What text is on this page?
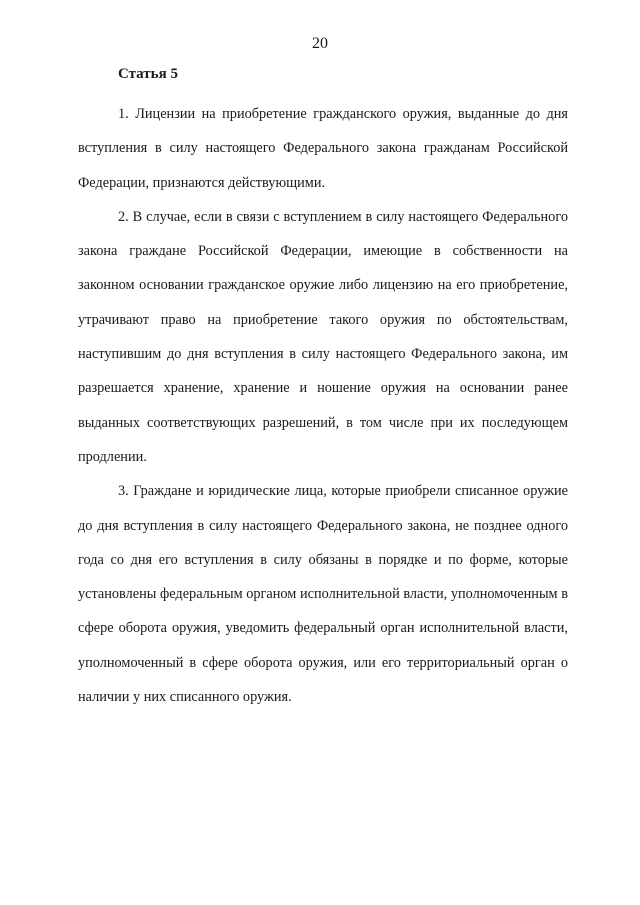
20
Статья 5

1. Лицензии на приобретение гражданского оружия, выданные до дня вступления в силу настоящего Федерального закона гражданам Российской Федерации, признаются действующими.

2. В случае, если в связи с вступлением в силу настоящего Федерального закона граждане Российской Федерации, имеющие в собственности на законном основании гражданское оружие либо лицензию на его приобретение, утрачивают право на приобретение такого оружия по обстоятельствам, наступившим до дня вступления в силу настоящего Федерального закона, им разрешается хранение, хранение и ношение оружия на основании ранее выданных соответствующих разрешений, в том числе при их последующем продлении.

3. Граждане и юридические лица, которые приобрели списанное оружие до дня вступления в силу настоящего Федерального закона, не позднее одного года со дня его вступления в силу обязаны в порядке и по форме, которые установлены федеральным органом исполнительной власти, уполномоченным в сфере оборота оружия, уведомить федеральный орган исполнительной власти, уполномоченный в сфере оборота оружия, или его территориальный орган о наличии у них списанного оружия.
